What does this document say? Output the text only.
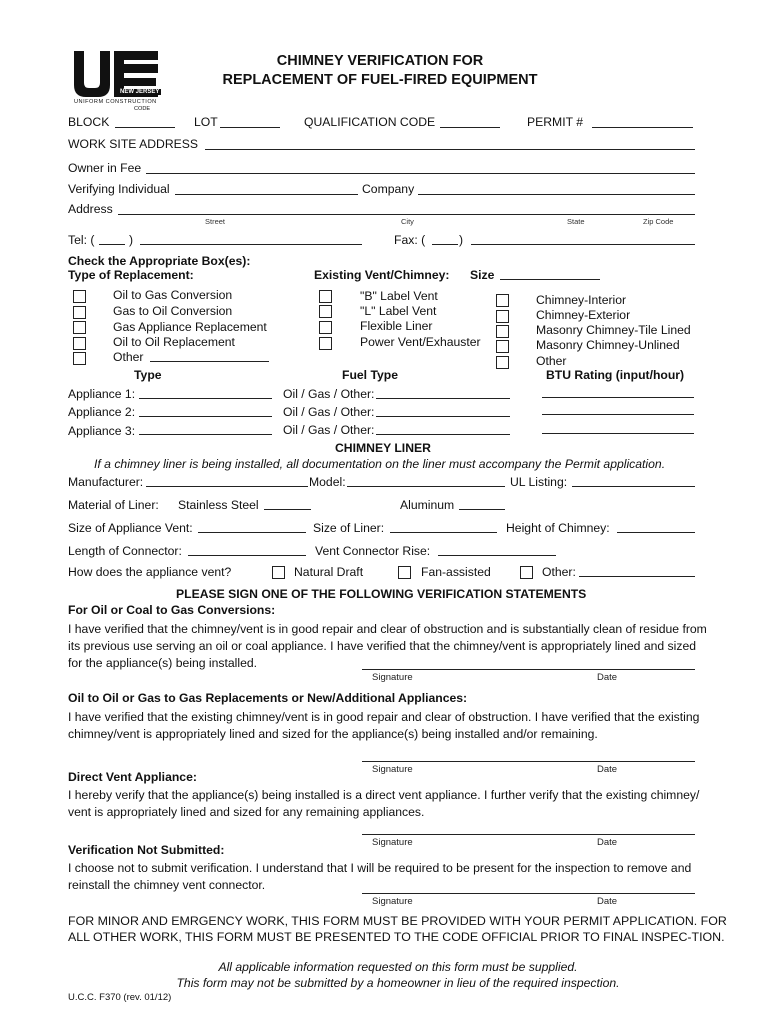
NEW JERSEY
UNIFORM CONSTRUCTION
CODE
CHIMNEY VERIFICATION FOR
REPLACEMENT OF FUEL-FIRED EQUIPMENT
BLOCK	LOT	QUALIFICATION CODE	PERMIT #
WORK SITE ADDRESS
Owner in Fee
Verifying Individual	Company
Address
Street	City	State	Zip Code
Tel: (	)	Fax: (	)
Check the Appropriate Box(es):
Type of Replacement:	Existing Vent/Chimney: Size
Oil to Gas Conversion
Gas to Oil Conversion
Gas Appliance Replacement
Oil to Oil Replacement
Other
"B" Label Vent
"L" Label Vent
Flexible Liner
Power Vent/Exhauster
Chimney-Interior
Chimney-Exterior
Masonry Chimney-Tile Lined
Masonry Chimney-Unlined
Other
Type	Fuel Type	BTU Rating (input/hour)
Appliance 1:	Oil / Gas / Other:
Appliance 2:	Oil / Gas / Other:
Appliance 3:	Oil / Gas / Other:
CHIMNEY LINER
If a chimney liner is being installed, all documentation on the liner must accompany the Permit application.
Manufacturer:	Model:	UL Listing:
Material of Liner: Stainless Steel	Aluminum
Size of Appliance Vent:	Size of Liner:	Height of Chimney:
Length of Connector:	Vent Connector Rise:
How does the appliance vent?	Natural Draft	Fan-assisted	Other:
PLEASE SIGN ONE OF THE FOLLOWING VERIFICATION STATEMENTS
For Oil or Coal to Gas Conversions:
I have verified that the chimney/vent is in good repair and clear of obstruction and is substantially clean of residue from its previous use serving an oil or coal appliance. I have verified that the chimney/vent is appropriately lined and sized for the appliance(s) being installed.
Signature	Date
Oil to Oil or Gas to Gas Replacements or New/Additional Appliances:
I have verified that the existing chimney/vent is in good repair and clear of obstruction. I have verified that the existing chimney/vent is appropriately lined and sized for the appliance(s) being installed and/or remaining.
Signature	Date
Direct Vent Appliance:
I hereby verify that the appliance(s) being installed is a direct vent appliance. I further verify that the existing chimney/ vent is appropriately lined and sized for any remaining appliances.
Signature	Date
Verification Not Submitted:
I choose not to submit verification. I understand that I will be required to be present for the inspection to remove and reinstall the chimney vent connector.
Signature	Date
FOR MINOR AND EMRGENCY WORK, THIS FORM MUST BE PROVIDED WITH YOUR PERMIT APPLICATION. FOR ALL OTHER WORK, THIS FORM MUST BE PRESENTED TO THE CODE OFFICIAL PRIOR TO FINAL INSPEC-TION.
All applicable information requested on this form must be supplied.
This form may not be submitted by a homeowner in lieu of the required inspection.
U.C.C. F370 (rev. 01/12)
